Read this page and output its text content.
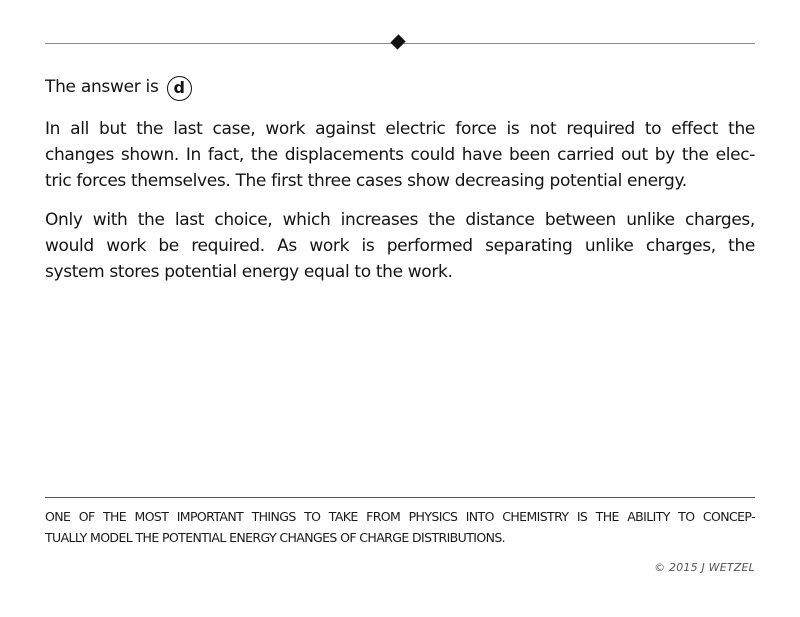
The answer is d
In all but the last case, work against electric force is not required to effect the
changes shown. In fact, the displacements could have been carried out by the elec-
tric forces themselves. The first three cases show decreasing potential energy.
Only with the last choice, which increases the distance between unlike charges,
would work be required. As work is performed separating unlike charges, the
system stores potential energy equal to the work.
ONE OF THE MOST IMPORTANT THINGS TO TAKE FROM PHYSICS INTO CHEMISTRY IS THE ABILITY TO CONCEP-
TUALLY MODEL THE POTENTIAL ENERGY CHANGES OF CHARGE DISTRIBUTIONS.
© 2015 J WETZEL
